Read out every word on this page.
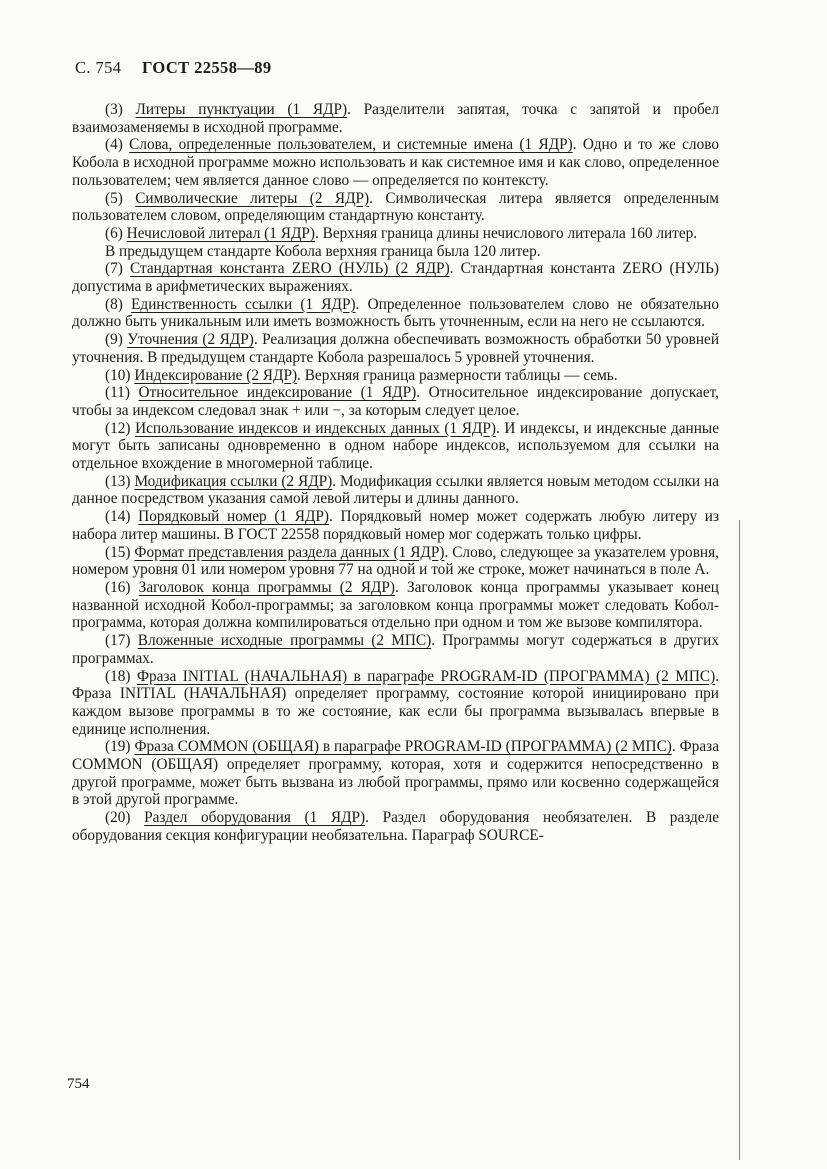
С. 754 ГОСТ 22558—89

(3) Литеры пунктуации (1 ЯДР). Разделители запятая, точка с запятой и пробел взаимозаменяемы в исходной программе.

(4) Слова, определенные пользователем, и системные имена (1 ЯДР). Одно и то же слово Кобола в исходной программе можно использовать и как системное имя и как слово, определенное пользователем; чем является данное слово — определяется по контексту.

(5) Символические литеры (2 ЯДР). Символическая литера является определенным пользователем словом, определяющим стандартную константу.

(6) Нечисловой литерал (1 ЯДР). Верхняя граница длины нечислового литерала 160 литер.

В предыдущем стандарте Кобола верхняя граница была 120 литер.

(7) Стандартная константа ZERO (НУЛЬ) (2 ЯДР). Стандартная константа ZERO (НУЛЬ) допустима в арифметических выражениях.

(8) Единственность ссылки (1 ЯДР). Определенное пользователем слово не обязательно должно быть уникальным или иметь возможность быть уточненным, если на него не ссылаются.

(9) Уточнения (2 ЯДР). Реализация должна обеспечивать возможность обработки 50 уровней уточнения. В предыдущем стандарте Кобола разрешалось 5 уровней уточнения.

(10) Индексирование (2 ЯДР). Верхняя граница размерности таблицы — семь.

(11) Относительное индексирование (1 ЯДР). Относительное индексирование допускает, чтобы за индексом следовал знак + или −, за которым следует целое.

(12) Использование индексов и индексных данных (1 ЯДР). И индексы, и индексные данные могут быть записаны одновременно в одном наборе индексов, используемом для ссылки на отдельное вхождение в многомерной таблице.

(13) Модификация ссылки (2 ЯДР). Модификация ссылки является новым методом ссылки на данное посредством указания самой левой литеры и длины данного.

(14) Порядковый номер (1 ЯДР). Порядковый номер может содержать любую литеру из набора литер машины. В ГОСТ 22558 порядковый номер мог содержать только цифры.

(15) Формат представления раздела данных (1 ЯДР). Слово, следующее за указателем уровня, номером уровня 01 или номером уровня 77 на одной и той же строке, может начинаться в поле А.

(16) Заголовок конца программы (2 ЯДР). Заголовок конца программы указывает конец названной исходной Кобол-программы; за заголовком конца программы может следовать Кобол-программа, которая должна компилироваться отдельно при одном и том же вызове компилятора.

(17) Вложенные исходные программы (2 МПС). Программы могут содержаться в других программах.

(18) Фраза INITIAL (НАЧАЛЬНАЯ) в параграфе PROGRAM-ID (ПРОГРАММА) (2 МПС). Фраза INITIAL (НАЧАЛЬНАЯ) определяет программу, состояние которой инициировано при каждом вызове программы в то же состояние, как если бы программа вызывалась впервые в единице исполнения.

(19) Фраза COMMON (ОБЩАЯ) в параграфе PROGRAM-ID (ПРОГРАММА) (2 МПС). Фраза COMMON (ОБЩАЯ) определяет программу, которая, хотя и содержится непосредственно в другой программе, может быть вызвана из любой программы, прямо или косвенно содержащейся в этой другой программе.

(20) Раздел оборудования (1 ЯДР). Раздел оборудования необязателен. В разделе оборудования секция конфигурации необязательна. Параграф SOURCE-

754
